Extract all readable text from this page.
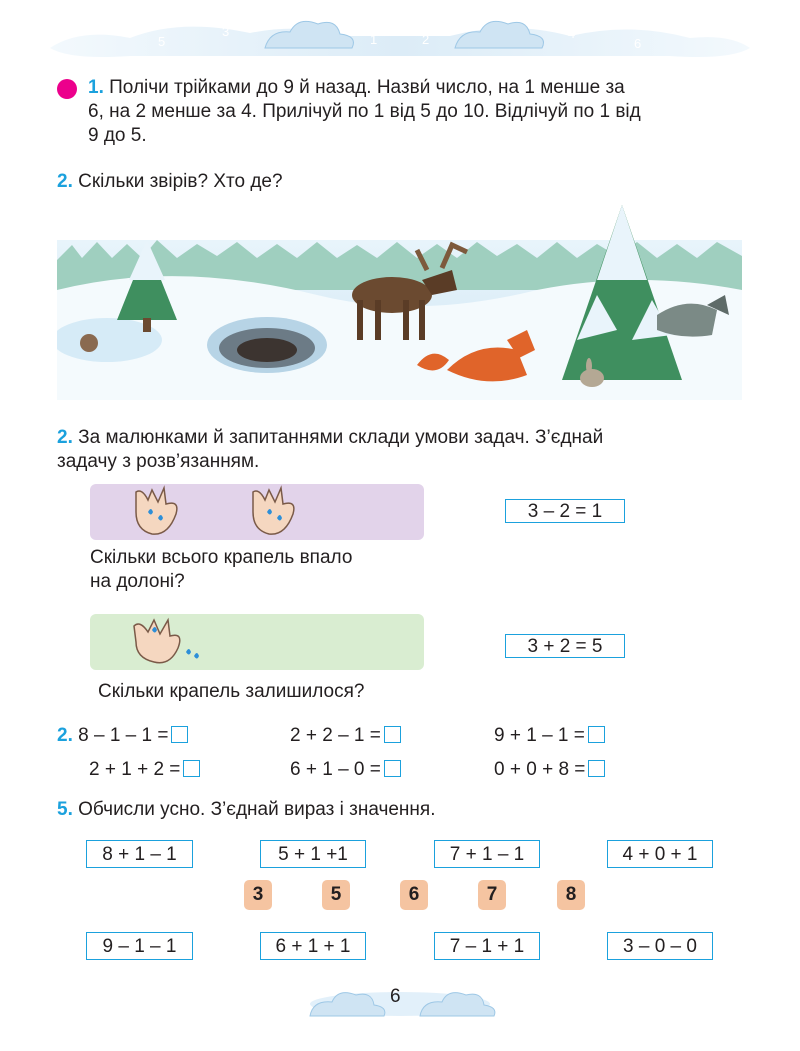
7
5
3
1
0
2	4
6
8
1. Полічи трійками до 9 й назад. Назви́ число, на 1 менше за
6, на 2 менше за 4. Прилічуй по 1 від 5 до 10. Відлічуй по 1 від
9 до 5.
2. Скільки звірів? Хто де?
2. За малюнками й запитаннями склади умови задач. З’єднай
задачу з розв’язанням.
Скільки всього крапель впало
на долоні?
3 – 2 = 1
Скільки крапель залишилося?
3 + 2 = 5
2. 8 – 1 – 1 =	2 + 2 – 1 =	9 + 1 – 1 =
2 + 1 + 2 =	6 + 1 – 0 =	0 + 0 + 8 =
5. Обчисли усно. З’єднай вираз і значення.
8 + 1 – 1	5 + 1 +1	7 + 1 – 1	4 + 0 + 1
3	5	6	7	8
9 – 1 – 1	6 + 1 + 1	7 – 1 + 1	3 – 0 – 0
6
